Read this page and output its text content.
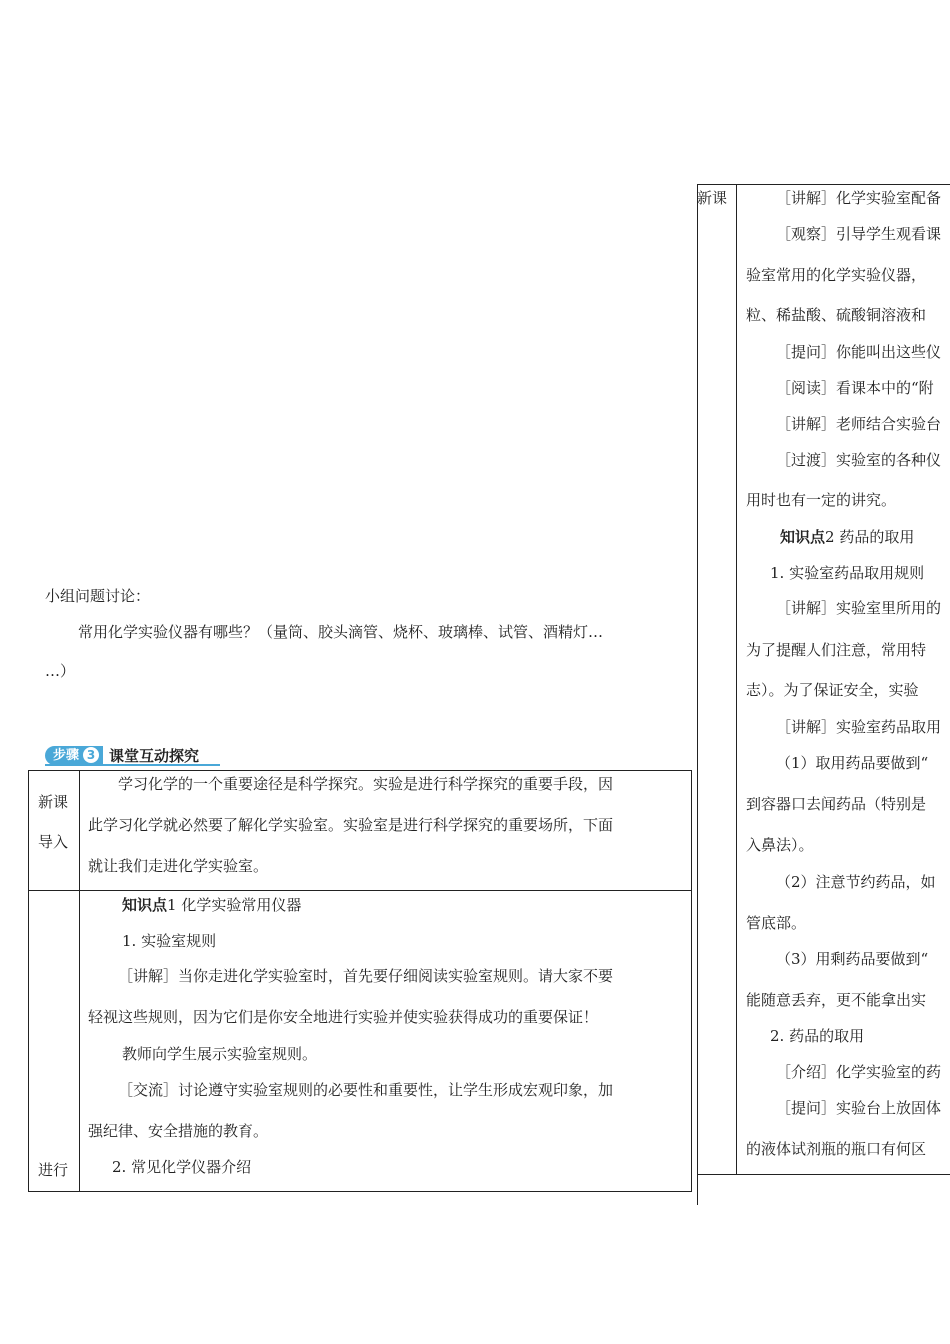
小组问题讨论：
常用化学实验仪器有哪些？（量筒、胶头滴管、烧杯、玻璃棒、试管、酒精灯…
…）
步骤 3 课堂互动探究
新课
导入
学习化学的一个重要途径是科学探究。实验是进行科学探究的重要手段，因
此学习化学就必然要了解化学实验室。实验室是进行科学探究的重要场所，下面
就让我们走进化学实验室。
知识点1 化学实验常用仪器
1. 实验室规则
［讲解］当你走进化学实验室时，首先要仔细阅读实验室规则。请大家不要
轻视这些规则，因为它们是你安全地进行实验并使实验获得成功的重要保证！
教师向学生展示实验室规则。
［交流］讨论遵守实验室规则的必要性和重要性，让学生形成宏观印象，加
强纪律、安全措施的教育。
2. 常见化学仪器介绍
进行
新课	［讲解］化学实验室配备
［观察］引导学生观看课
验室常用的化学实验仪器，
粒、稀盐酸、硫酸铜溶液和
［提问］你能叫出这些仪
［阅读］看课本中的“附
［讲解］老师结合实验台
［过渡］实验室的各种仪
用时也有一定的讲究。
知识点2 药品的取用
1. 实验室药品取用规则
［讲解］实验室里所用的
为了提醒人们注意，常用特
志）。为了保证安全，实验
［讲解］实验室药品取用
（1）取用药品要做到“
到容器口去闻药品（特别是
入鼻法）。
（2）注意节约药品，如
管底部。
（3）用剩药品要做到“
能随意丢弃，更不能拿出实
2. 药品的取用
［介绍］化学实验室的药
［提问］实验台上放固体
的液体试剂瓶的瓶口有何区
